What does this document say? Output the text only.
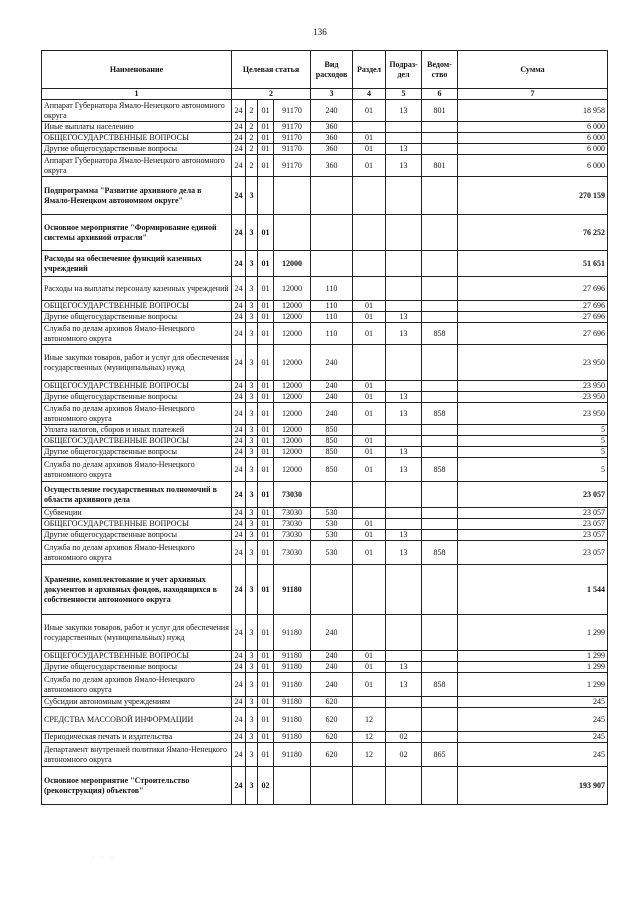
136
Наименование	Целевая статья				Вид расходов	Раздел	Подраз-дел	Ведом-ство	Сумма
1	2				3	4	5	6	7
Аппарат Губернатора Ямало-Ненецкого автономного округа	24	2	01	91170	240	01	13	801	18 958
Иные выплаты населению	24	2	01	91170	360				6 000
ОБЩЕГОСУДАРСТВЕННЫЕ ВОПРОСЫ	24	2	01	91170	360	01			6 000
Другие общегосударственные вопросы	24	2	01	91170	360	01	13		6 000
Аппарат Губернатора Ямало-Ненецкого автономного округа	24	2	01	91170	360	01	13	801	6 000
Подпрограмма "Развитие архивного дела в Ямало-Ненецком автономном округе"	24	3							270 159
Основное мероприятие "Формирование единой системы архивной отрасли"	24	3	01						76 252
Расходы на обеспечение функций казенных учреждений	24	3	01	12000					51 651
Расходы на выплаты персоналу казенных учреждений	24	3	01	12000	110				27 696
ОБЩЕГОСУДАРСТВЕННЫЕ ВОПРОСЫ	24	3	01	12000	110	01			27 696
Другие общегосударственные вопросы	24	3	01	12000	110	01	13		27 696
Служба по делам архивов Ямало-Ненецкого автономного округа	24	3	01	12000	110	01	13	858	27 696
Иные закупки товаров, работ и услуг для обеспечения государственных (муниципальных) нужд	24	3	01	12000	240				23 950
ОБЩЕГОСУДАРСТВЕННЫЕ ВОПРОСЫ	24	3	01	12000	240	01			23 950
Другие общегосударственные вопросы	24	3	01	12000	240	01	13		23 950
Служба по делам архивов Ямало-Ненецкого автономного округа	24	3	01	12000	240	01	13	858	23 950
Уплата налогов, сборов и иных платежей	24	3	01	12000	850				5
ОБЩЕГОСУДАРСТВЕННЫЕ ВОПРОСЫ	24	3	01	12000	850	01			5
Другие общегосударственные вопросы	24	3	01	12000	850	01	13		5
Служба по делам архивов Ямало-Ненецкого автономного округа	24	3	01	12000	850	01	13	858	5
Осуществление государственных полномочий в области архивного дела	24	3	01	73030					23 057
Субвенции	24	3	01	73030	530				23 057
ОБЩЕГОСУДАРСТВЕННЫЕ ВОПРОСЫ	24	3	01	73030	530	01			23 057
Другие общегосударственные вопросы	24	3	01	73030	530	01	13		23 057
Служба по делам архивов Ямало-Ненецкого автономного округа	24	3	01	73030	530	01	13	858	23 057
Хранение, комплектование и учет архивных документов и архивных фондов, находящихся в собственности автономного округа	24	3	01	91180					1 544
Иные закупки товаров, работ и услуг для обеспечения государственных (муниципальных) нужд	24	3	01	91180	240				1 299
ОБЩЕГОСУДАРСТВЕННЫЕ ВОПРОСЫ	24	3	01	91180	240	01			1 299
Другие общегосударственные вопросы	24	3	01	91180	240	01	13		1 299
Служба по делам архивов Ямало-Ненецкого автономного округа	24	3	01	91180	240	01	13	858	1 299
Субсидии автономным учреждениям	24	3	01	91180	620				245
СРЕДСТВА МАССОВОЙ ИНФОРМАЦИИ	24	3	01	91180	620	12			245
Периодическая печать и издательства	24	3	01	91180	620	12	02		245
Департамент внутренней политики Ямало-Ненецкого автономного округа	24	3	01	91180	620	12	02	865	245
Основное мероприятие "Строительство (реконструкция) объектов"	24	3	02						193 907
· · ·
